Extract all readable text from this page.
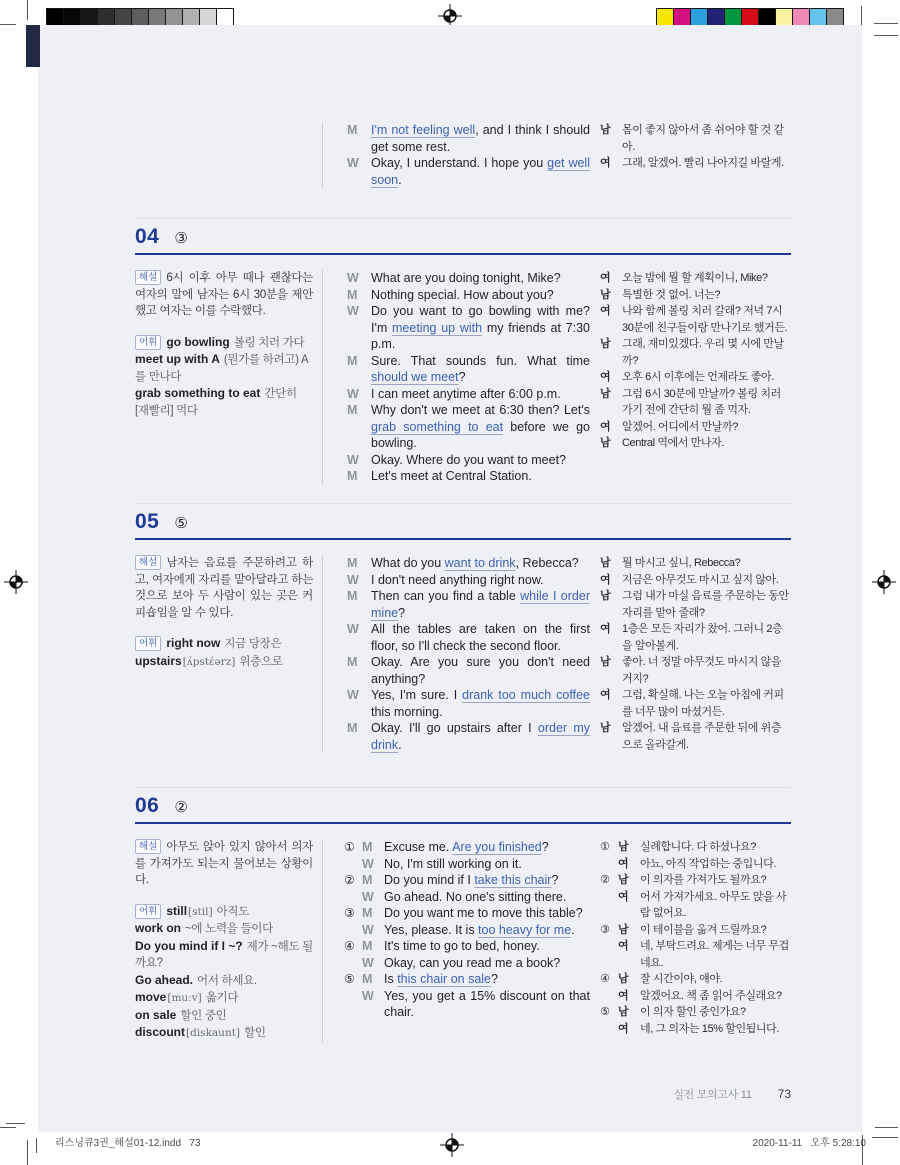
M	I'm not feeling well, and I think I should get some rest.
W Okay, I understand. I hope you get well soon.
남	몸이 좋지 않아서 좀 쉬어야 할 것 같아.
여	그래, 알겠어. 빨리 나아지길 바랄게.
04 ③

해설 6시 이후 아무 때나 괜찮다는 여자의 말에 남자는 6시 30분을 제안했고 여자는 이를 수락했다.

어휘 go bowling 볼링 치러 가다

meet up with A (뭔가를 하려고) A를 만나다

grab something to eat 간단히 [재빨리] 먹다

W What are you doing tonight, Mike?
M	Nothing special. How about you?
W Do you want to go bowling with me? I'm meeting up with my friends at 7:30 p.m.
M	Sure. That sounds fun. What time should we meet?
W I can meet anytime after 6:00 p.m.
M	Why don't we meet at 6:30 then? Let's grab something to eat before we go bowling.
W Okay. Where do you want to meet?
M	Let's meet at Central Station.
여	오늘 밤에 뭘 할 계획이니, Mike?
남	특별한 것 없어. 너는?
여	나와 함께 볼링 치러 갈래? 저녁 7시 30분에 친구들이랑 만나기로 했거든.
남	그래, 재미있겠다. 우리 몇 시에 만날까?
여	오후 6시 이후에는 언제라도 좋아.
남	그럼 6시 30분에 만날까? 볼링 치러 가기 전에 간단히 뭘 좀 먹자.
여	알겠어. 어디에서 만날까?
남	Central 역에서 만나자.
05 ⑤

해설 남자는 음료를 주문하려고 하고, 여자에게 자리를 맡아달라고 하는 것으로 보아 두 사람이 있는 곳은 커피숍임을 알 수 있다.

어휘 right now 지금 당장은

upstairs[ʌ́pstɛ́ərz] 위층으로

M	What do you want to drink, Rebecca?
W I don't need anything right now.
M	Then can you find a table while I order mine?
W All the tables are taken on the first floor, so I'll check the second floor.
M	Okay. Are you sure you don't need anything?
W Yes, I'm sure. I drank too much coffee this morning.
M	Okay. I'll go upstairs after I order my drink.
남	뭘 마시고 싶니, Rebecca?
여	지금은 아무것도 마시고 싶지 않아.
남	그럼 내가 마실 음료를 주문하는 동안 자리를 맡아 줄래?
여	1층은 모든 자리가 찼어. 그러니 2층을 알아볼게.
남	좋아. 너 정말 아무것도 마시지 않을 거지?
여	그럼, 확실해. 나는 오늘 아침에 커피를 너무 많이 마셨거든.
남	알겠어. 내 음료를 주문한 뒤에 위층으로 올라갈게.
06 ②

해설 아무도 앉아 있지 않아서 의자를 가져가도 되는지 물어보는 상황이다.

어휘 still[stil] 아직도

work on ~에 노력을 들이다

Do you mind if I ~? 제가 ~해도 될까요?

Go ahead. 어서 하세요.

move[muːv] 옮기다

on sale 할인 중인

discount[diskaunt] 할인

① M Excuse me. Are you finished?
W No, I'm still working on it.
② M Do you mind if I take this chair?
W Go ahead. No one's sitting there.
③ M Do you want me to move this table?
W Yes, please. It is too heavy for me.
④ M It's time to go to bed, honey.
W Okay, can you read me a book?
⑤ M Is this chair on sale?
W Yes, you get a 15% discount on that chair.
① 남	실례합니다. 다 하셨나요?
여	아뇨, 아직 작업하는 중입니다.
② 남	이 의자를 가져가도 될까요?
여	어서 가져가세요. 아무도 앉을 사람 없어요.
③ 남	이 테이블을 옮겨 드릴까요?
여	네, 부탁드려요. 제게는 너무 무겁네요.
④ 남	잘 시간이야, 얘야.
여	알겠어요. 책 좀 읽어 주실래요?
⑤ 남	이 의자 할인 중인가요?
여	네, 그 의자는 15% 할인됩니다.
실전 모의고사 11 73
리스닝큐3권_해설01-12.indd   73	2020-11-11   오후 5:28:10
